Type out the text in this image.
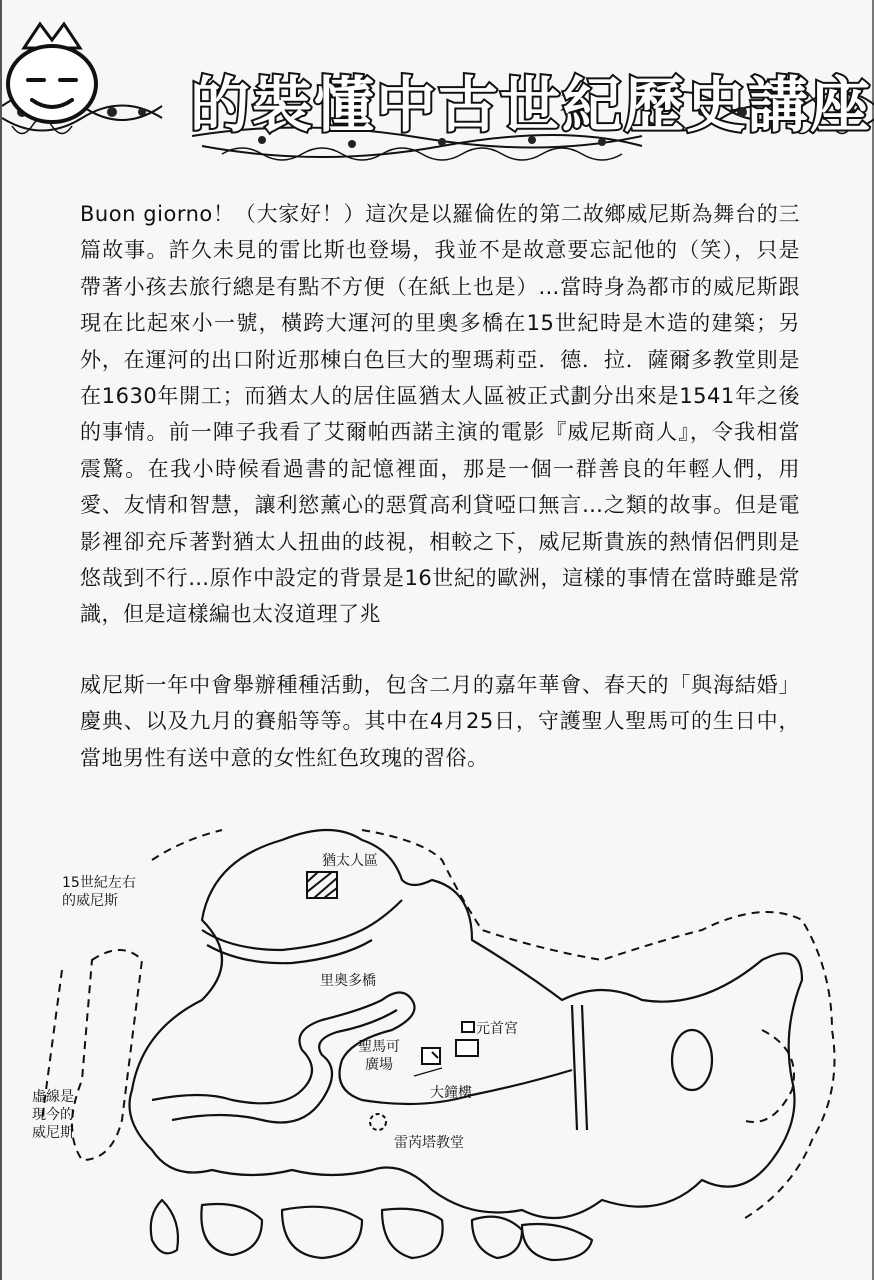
的裝懂中古世紀歷史講座

Buon giorno！（大家好！）這次是以羅倫佐的第二故鄉威尼斯為舞台的三篇故事。許久未見的雷比斯也登場，我並不是故意要忘記他的（笑），只是帶著小孩去旅行總是有點不方便（在紙上也是）…當時身為都市的威尼斯跟現在比起來小一號，橫跨大運河的里奧多橋在15世紀時是木造的建築；另外，在運河的出口附近那棟白色巨大的聖瑪莉亞．德．拉．薩爾多教堂則是在1630年開工；而猶太人的居住區猶太人區被正式劃分出來是1541年之後的事情。前一陣子我看了艾爾帕西諾主演的電影『威尼斯商人』，令我相當震驚。在我小時候看過書的記憶裡面，那是一個一群善良的年輕人們，用愛、友情和智慧，讓利慾薰心的惡質高利貸啞口無言…之類的故事。但是電影裡卻充斥著對猶太人扭曲的歧視，相較之下，威尼斯貴族的熱情侶們則是悠哉到不行…原作中設定的背景是16世紀的歐洲，這樣的事情在當時雖是常識，但是這樣編也太沒道理了兆

威尼斯一年中會舉辦種種活動，包含二月的嘉年華會、春天的「與海結婚」慶典、以及九月的賽船等等。其中在4月25日，守護聖人聖馬可的生日中，當地男性有送中意的女性紅色玫瑰的習俗。

猶太人區
15世紀左右
的威尼斯
里奧多橋
元首宮
聖馬可
廣場
大鐘樓
雷芮塔教堂
虛線是
現今的
威尼斯
